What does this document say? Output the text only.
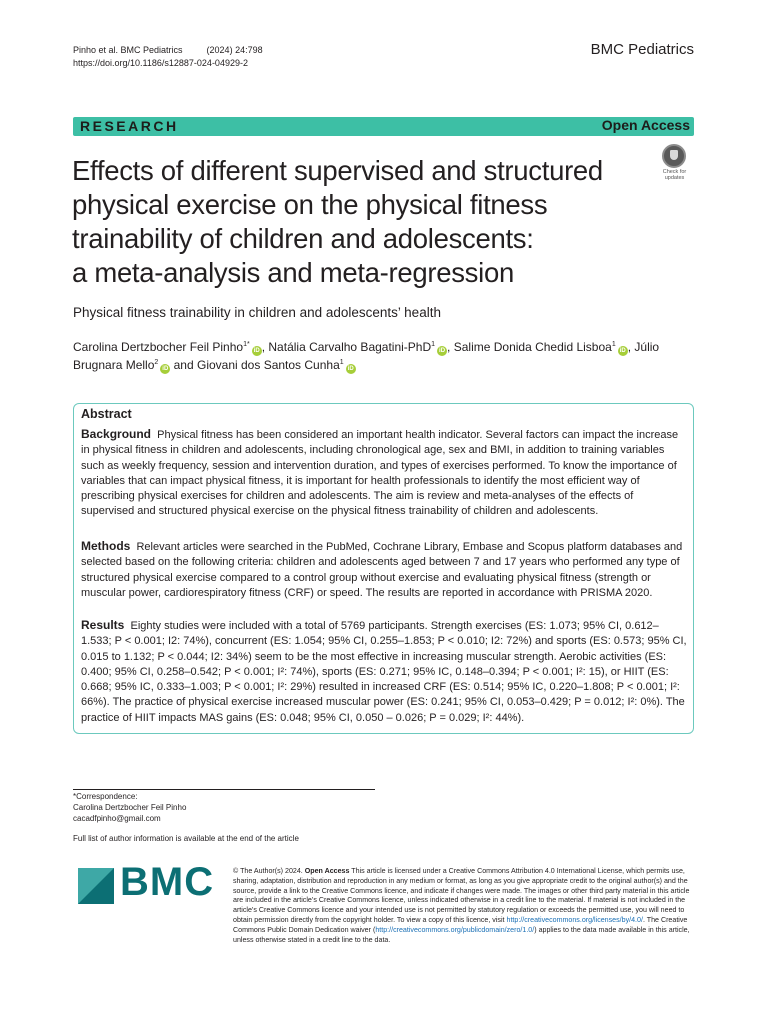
Pinho et al. BMC Pediatrics	(2024) 24:798
https://doi.org/10.1186/s12887-024-04929-2
BMC Pediatrics
RESEARCH	Open Access
Effects of different supervised and structured
physical exercise on the physical fitness
trainability of children and adolescents:
a meta-analysis and meta-regression
Check for
updates
Physical fitness trainability in children and adolescents’ health
Carolina Dertzbocher Feil Pinho$^{1*}$iD , Natália Carvalho Bagatini-PhD$^1$iD , Salime Donida Chedid Lisboa$^1$iD , Júlio Brugnara Mello$^2$iD and Giovani dos Santos Cunha$^1$iD
Abstract

Background Physical fitness has been considered an important health indicator. Several factors can impact the increase in physical fitness in children and adolescents, including chronological age, sex and BMI, in addition to training variables such as weekly frequency, session and intervention duration, and types of exercises performed. To know the importance of variables that can impact physical fitness, it is important for health professionals to identify the most efficient way of prescribing physical exercises for children and adolescents. The aim is review and meta-analyses of the effects of supervised and structured physical exercise on the physical fitness trainability of children and adolescents.

Methods Relevant articles were searched in the PubMed, Cochrane Library, Embase and Scopus platform databases and selected based on the following criteria: children and adolescents aged between 7 and 17 years who performed any type of structured physical exercise compared to a control group without exercise and evaluating physical fitness (strength or muscular power, cardiorespiratory fitness (CRF) or speed. The results are reported in accordance with PRISMA 2020.

Results Eighty studies were included with a total of 5769 participants. Strength exercises (ES: 1.073; 95% CI, 0.612–1.533; P < 0.001; I2: 74%), concurrent (ES: 1.054; 95% CI, 0.255–1.853; P < 0.010; I2: 72%) and sports (ES: 0.573; 95% CI, 0.015 to 1.132; P < 0.044; I2: 34%) seem to be the most effective in increasing muscular strength. Aerobic activities (ES: 0.400; 95% CI, 0.258–0.542; P < 0.001; I²: 74%), sports (ES: 0.271; 95% IC, 0.148–0.394; P < 0.001; I²: 15), or HIIT (ES: 0.668; 95% IC, 0.333–1.003; P < 0.001; I²: 29%) resulted in increased CRF (ES: 0.514; 95% IC, 0.220–1.808; P < 0.001; I²: 66%). The practice of physical exercise increased muscular power (ES: 0.241; 95% CI, 0.053–0.429; P = 0.012; I²: 0%). The practice of HIIT impacts MAS gains (ES: 0.048; 95% CI, 0.050 – 0.026; P = 0.029; I²: 44%).

*Correspondence:
Carolina Dertzbocher Feil Pinho
cacadfpinho@gmail.com
Full list of author information is available at the end of the article
BMC	© The Author(s) 2024. Open Access This article is licensed under a Creative Commons Attribution 4.0 International License, which permits use, sharing, adaptation, distribution and reproduction in any medium or format, as long as you give appropriate credit to the original author(s) and the source, provide a link to the Creative Commons licence, and indicate if changes were made. The images or other third party material in this article are included in the article’s Creative Commons licence, unless indicated otherwise in a credit line to the material. If material is not included in the article’s Creative Commons licence and your intended use is not permitted by statutory regulation or exceeds the permitted use, you will need to obtain permission directly from the copyright holder. To view a copy of this licence, visit http://creativecommons.org/licenses/by/4.0/. The Creative Commons Public Domain Dedication waiver (http://creativecommons.org/publicdomain/zero/1.0/) applies to the data made available in this article, unless otherwise stated in a credit line to the data.
